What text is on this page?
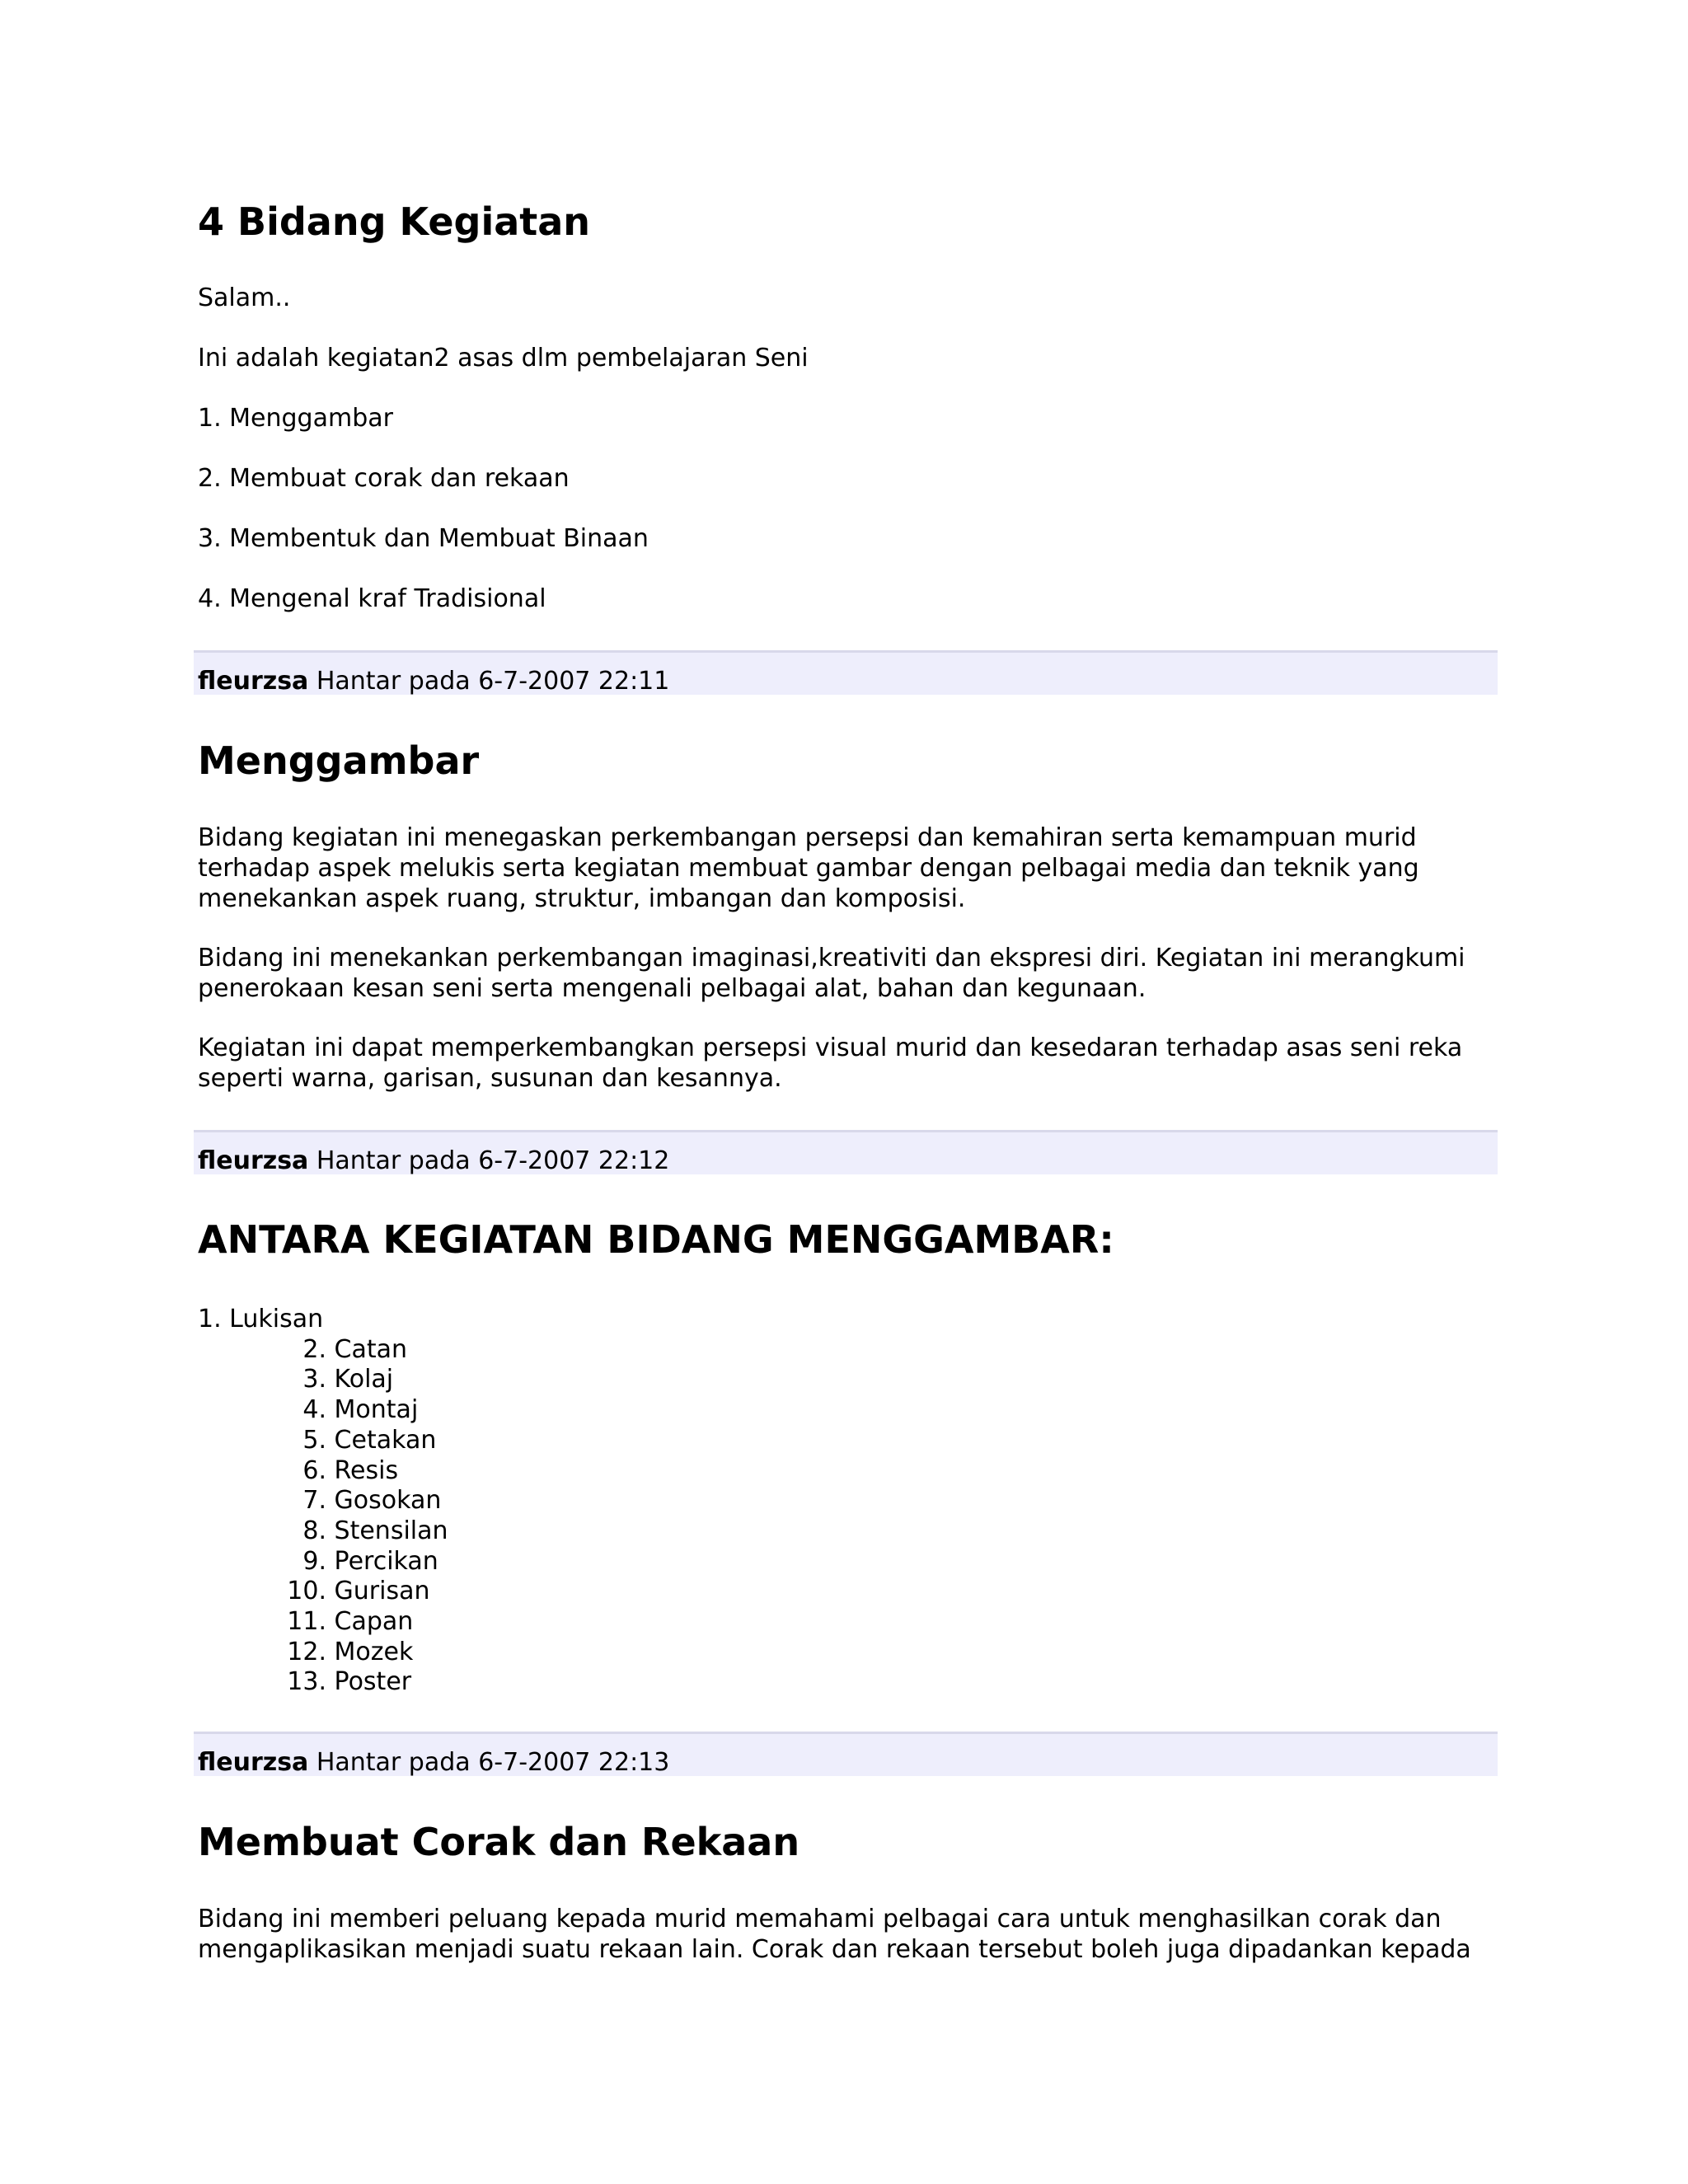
4 Bidang Kegiatan

Salam..

Ini adalah kegiatan2 asas dlm pembelajaran Seni

1. Menggambar

2. Membuat corak dan rekaan

3. Membentuk dan Membuat Binaan

4. Mengenal kraf Tradisional

fleurzsa Hantar pada 6-7-2007 22:11
Menggambar
Bidang kegiatan ini menegaskan perkembangan persepsi dan kemahiran serta kemampuan murid
terhadap aspek melukis serta kegiatan membuat gambar dengan pelbagai media dan teknik yang
menekankan aspek ruang, struktur, imbangan dan komposisi.
Bidang ini menekankan perkembangan imaginasi,kreativiti dan ekspresi diri. Kegiatan ini merangkumi
penerokaan kesan seni serta mengenali pelbagai alat, bahan dan kegunaan.
Kegiatan ini dapat memperkembangkan persepsi visual murid dan kesedaran terhadap asas seni reka
seperti warna, garisan, susunan dan kesannya.
fleurzsa Hantar pada 6-7-2007 22:12
ANTARA KEGIATAN BIDANG MENGGAMBAR:
1. Lukisan
2. Catan
3. Kolaj
4. Montaj
5. Cetakan
6. Resis
7. Gosokan
8. Stensilan
9. Percikan
10. Gurisan
11. Capan
12. Mozek
13. Poster
fleurzsa Hantar pada 6-7-2007 22:13
Membuat Corak dan Rekaan
Bidang ini memberi peluang kepada murid memahami pelbagai cara untuk menghasilkan corak dan
mengaplikasikan menjadi suatu rekaan lain. Corak dan rekaan tersebut boleh juga dipadankan kepada
